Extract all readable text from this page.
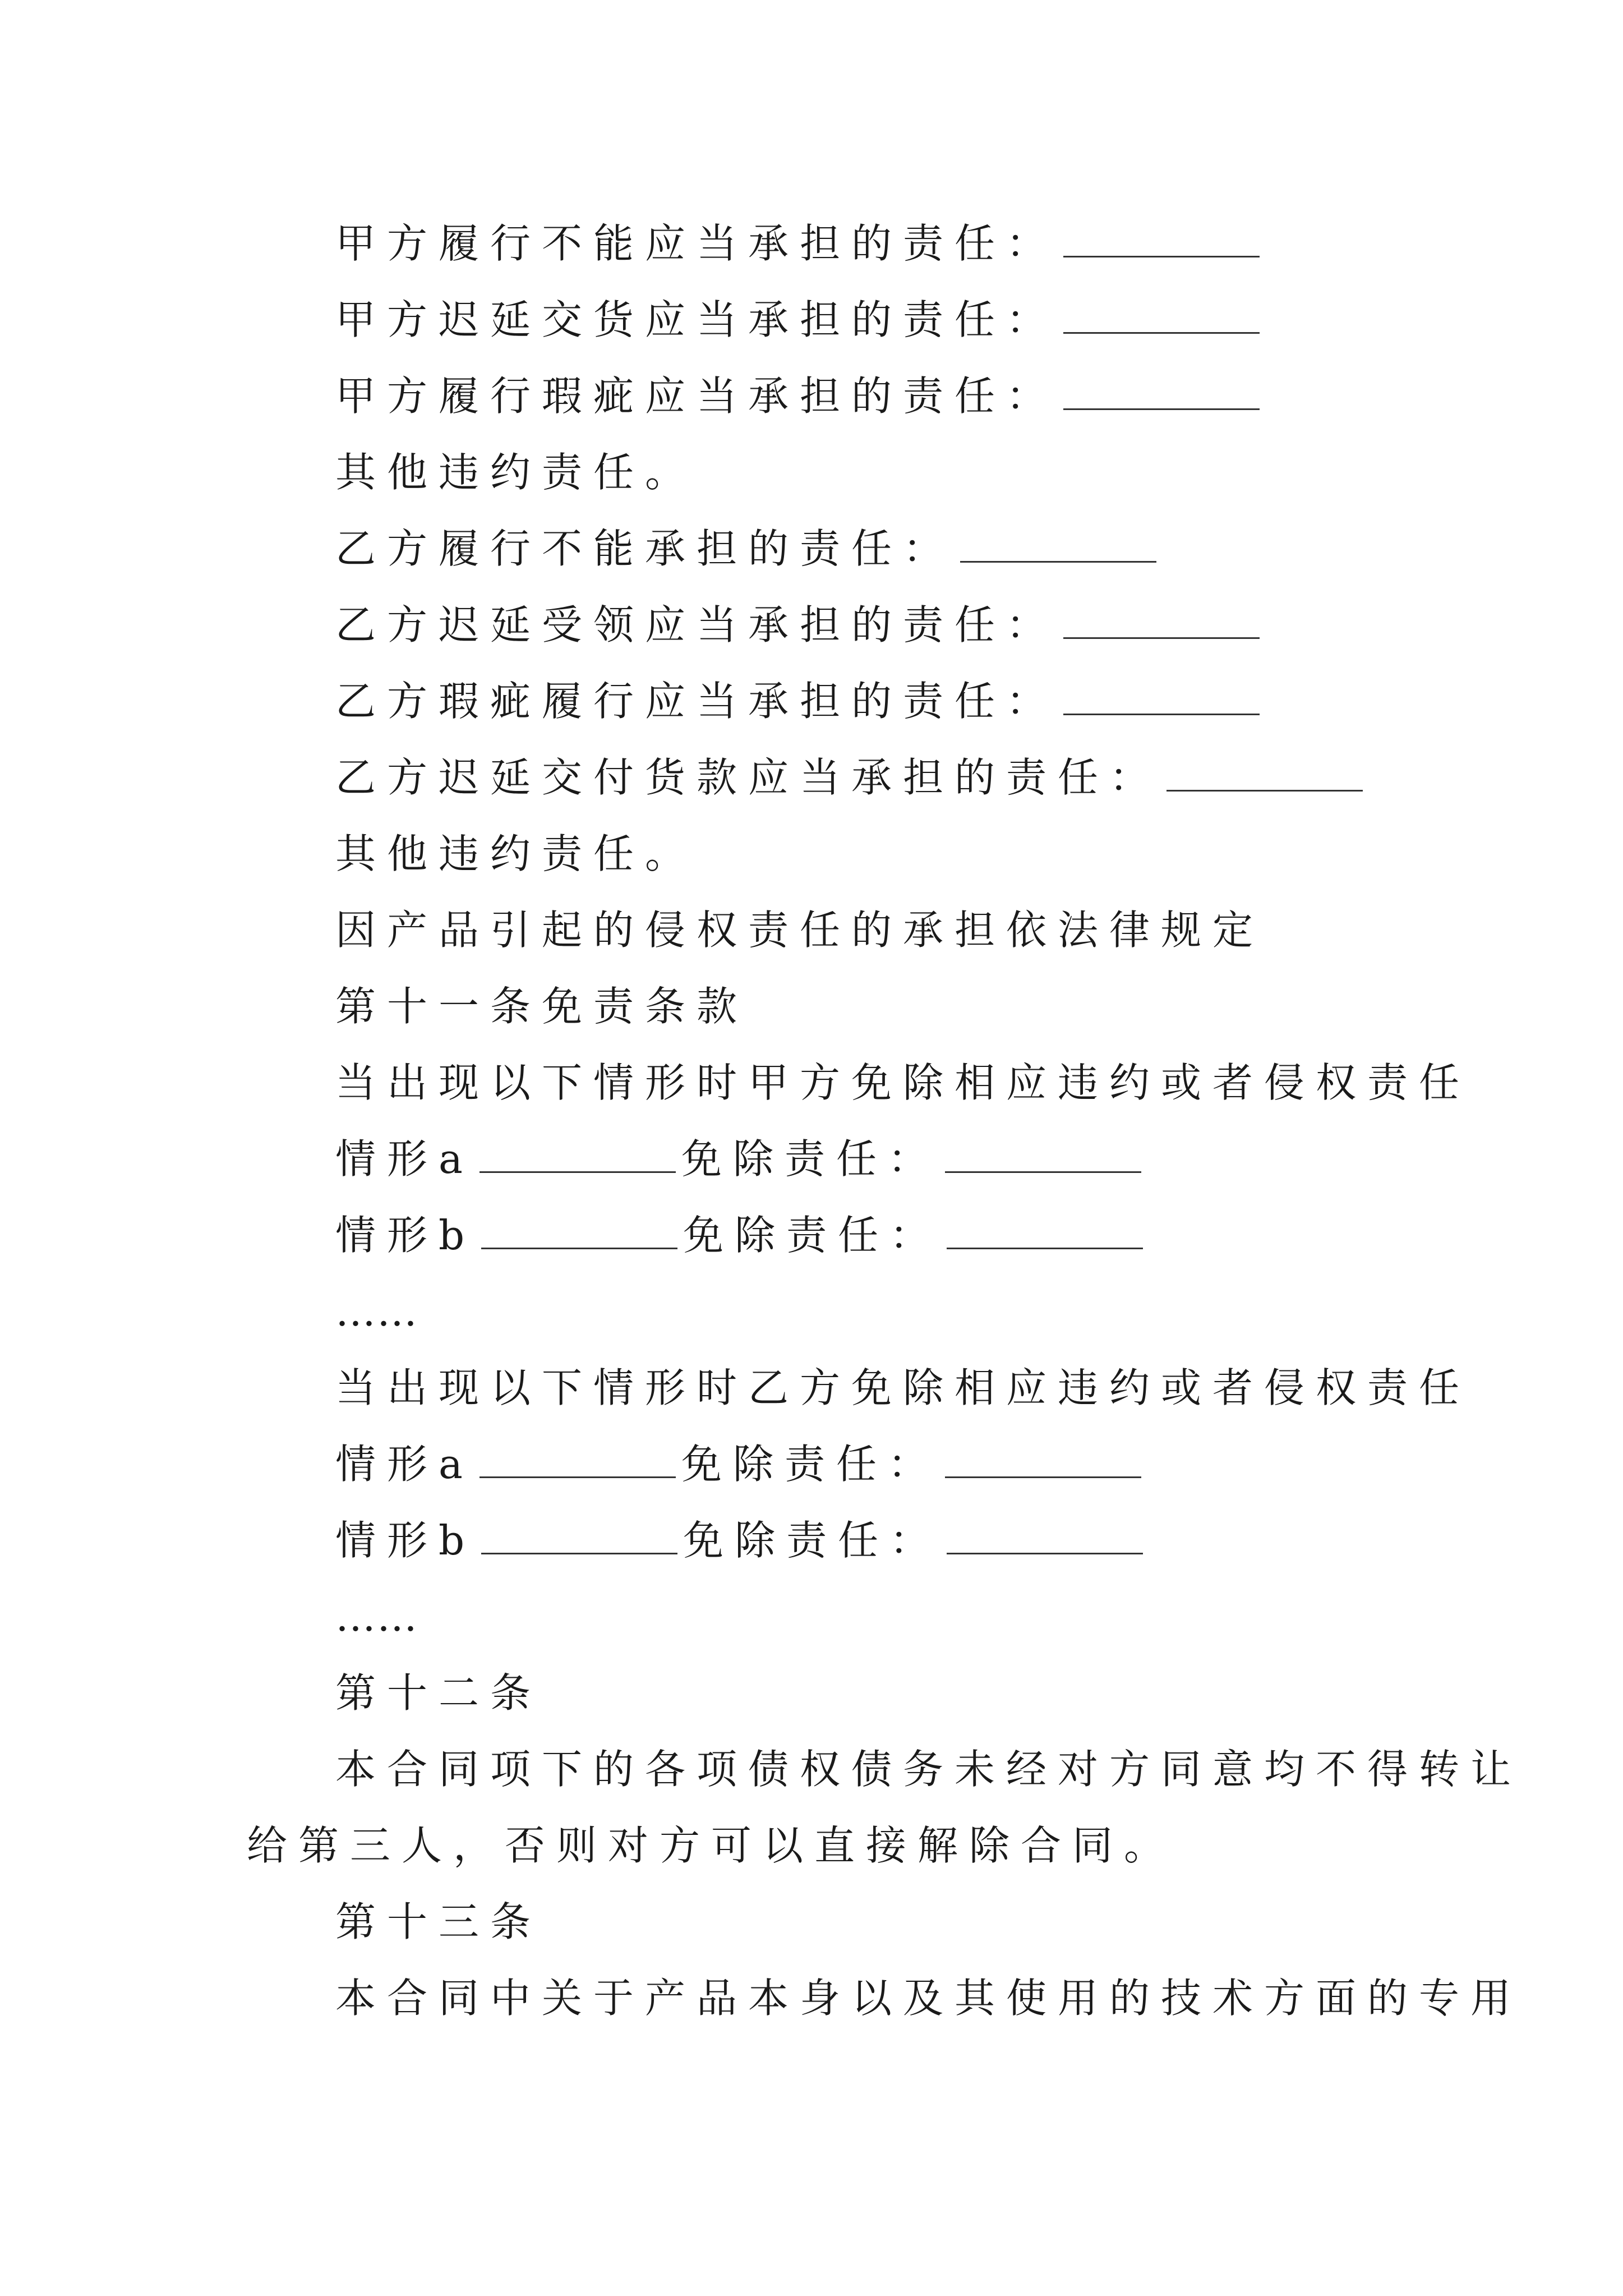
甲方履行不能应当承担的责任：
甲方迟延交货应当承担的责任：
甲方履行瑕疵应当承担的责任：
其他违约责任。
乙方履行不能承担的责任：
乙方迟延受领应当承担的责任：
乙方瑕疵履行应当承担的责任：
乙方迟延交付货款应当承担的责任：
其他违约责任。
因产品引起的侵权责任的承担依法律规定
第十一条免责条款
当出现以下情形时甲方免除相应违约或者侵权责任
情形a	免除责任：
情形b	免除责任：
……
当出现以下情形时乙方免除相应违约或者侵权责任
情形a	免除责任：
情形b	免除责任：
……
第十二条
本合同项下的各项债权债务未经对方同意均不得转让
给第三人，否则对方可以直接解除合同。
第十三条
本合同中关于产品本身以及其使用的技术方面的专用
